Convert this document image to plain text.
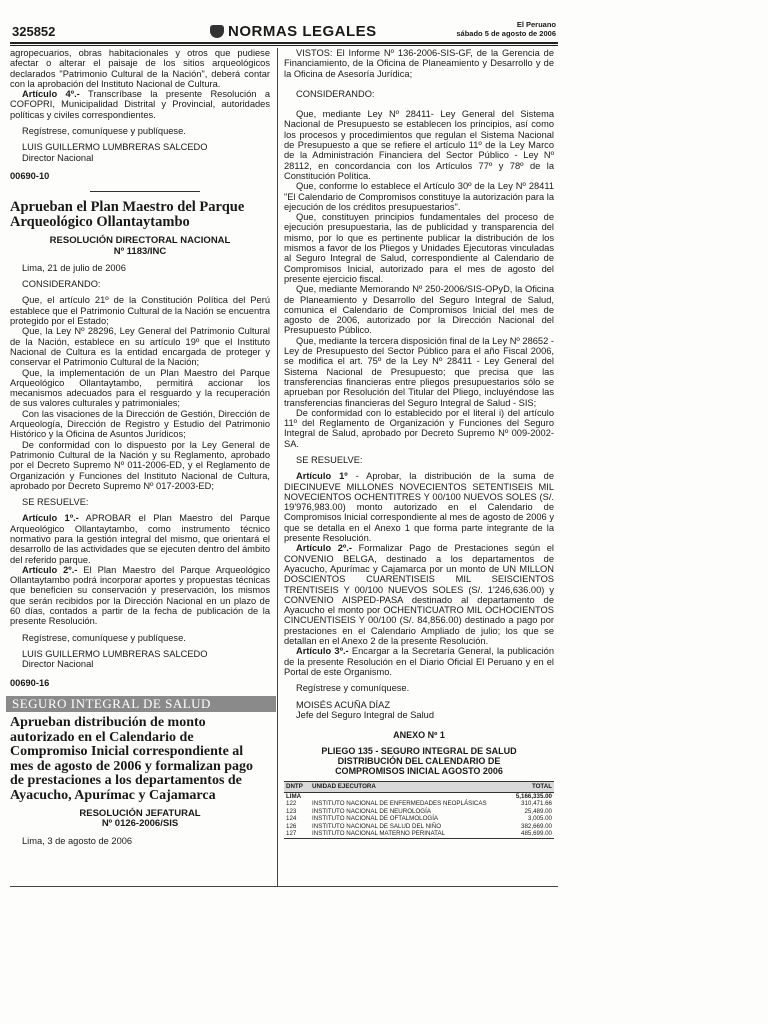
325852	NORMAS LEGALES	El Peruano
sábado 5 de agosto de 2006

agropecuarios, obras habitacionales y otros que pudiese afectar o alterar el paisaje de los sitios arqueológicos declarados "Patrimonio Cultural de la Nación", deberá contar con la aprobación del Instituto Nacional de Cultura.

Artículo 4º.- Transcríbase la presente Resolución a COFOPRI, Municipalidad Distrital y Provincial, autoridades políticas y civiles correspondientes.

Regístrese, comuníquese y publíquese.

LUIS GUILLERMO LUMBRERAS SALCEDO

Director Nacional

00690-10

Aprueban el Plan Maestro del Parque Arqueológico Ollantaytambo
RESOLUCIÓN DIRECTORAL NACIONAL
Nº 1183/INC

Lima, 21 de julio de 2006

CONSIDERANDO:

Que, el artículo 21º de la Constitución Política del Perú establece que el Patrimonio Cultural de la Nación se encuentra protegido por el Estado;

Que, la Ley Nº 28296, Ley General del Patrimonio Cultural de la Nación, establece en su artículo 19º que el Instituto Nacional de Cultura es la entidad encargada de proteger y conservar el Patrimonio Cultural de la Nación;

Que, la implementación de un Plan Maestro del Parque Arqueológico Ollantaytambo, permitirá accionar los mecanismos adecuados para el resguardo y la recuperación de sus valores culturales y patrimoniales;

Con las visaciones de la Dirección de Gestión, Dirección de Arqueología, Dirección de Registro y Estudio del Patrimonio Histórico y la Oficina de Asuntos Jurídicos;

De conformidad con lo dispuesto por la Ley General de Patrimonio Cultural de la Nación y su Reglamento, aprobado por el Decreto Supremo Nº 011-2006-ED, y el Reglamento de Organización y Funciones del Instituto Nacional de Cultura, aprobado por Decreto Supremo Nº 017-2003-ED;

SE RESUELVE:

Artículo 1º.- APROBAR el Plan Maestro del Parque Arqueológico Ollantaytambo, como instrumento técnico normativo para la gestión integral del mismo, que orientará el desarrollo de las actividades que se ejecuten dentro del ámbito del referido parque.

Artículo 2º.- El Plan Maestro del Parque Arqueológico Ollantaytambo podrá incorporar aportes y propuestas técnicas que beneficien su conservación y preservación, los mismos que serán recibidos por la Dirección Nacional en un plazo de 60 días, contados a partir de la fecha de publicación de la presente Resolución.

Regístrese, comuníquese y publíquese.

LUIS GUILLERMO LUMBRERAS SALCEDO

Director Nacional

00690-16

SEGURO INTEGRAL DE SALUD
Aprueban distribución de monto autorizado en el Calendario de Compromiso Inicial correspondiente al mes de agosto de 2006 y formalizan pago de prestaciones a los departamentos de Ayacucho, Apurímac y Cajamarca
RESOLUCIÓN JEFATURAL
Nº 0126-2006/SIS

Lima, 3 de agosto de 2006

VISTOS: El Informe Nº 136-2006-SIS-GF, de la Gerencia de Financiamiento, de la Oficina de Planeamiento y Desarrollo y de la Oficina de Asesoría Jurídica;

CONSIDERANDO:

Que, mediante Ley Nº 28411- Ley General del Sistema Nacional de Presupuesto se establecen los principios, así como los procesos y procedimientos que regulan el Sistema Nacional de Presupuesto a que se refiere el artículo 11º de la Ley Marco de la Administración Financiera del Sector Público - Ley Nº 28112, en concordancia con los Artículos 77º y 78º de la Constitución Política.

Que, conforme lo establece el Artículo 30º de la Ley Nº 28411 "El Calendario de Compromisos constituye la autorización para la ejecución de los créditos presupuestarios".

Que, constituyen principios fundamentales del proceso de ejecución presupuestaria, las de publicidad y transparencia del mismo, por lo que es pertinente publicar la distribución de los mismos a favor de los Pliegos y Unidades Ejecutoras vinculadas al Seguro Integral de Salud, correspondiente al Calendario de Compromisos Inicial, autorizado para el mes de agosto del presente ejercicio fiscal.

Que, mediante Memorando Nº 250-2006/SIS-OPyD, la Oficina de Planeamiento y Desarrollo del Seguro Integral de Salud, comunica el Calendario de Compromisos Inicial del mes de agosto de 2006, autorizado por la Dirección Nacional del Presupuesto Público.

Que, mediante la tercera disposición final de la Ley Nº 28652 - Ley de Presupuesto del Sector Público para el año Fiscal 2006, se modifica el art. 75º de la Ley Nº 28411 - Ley General del Sistema Nacional de Presupuesto; que precisa que las transferencias financieras entre pliegos presupuestarios sólo se aprueban por Resolución del Titular del Pliego, incluyéndose las transferencias financieras del Seguro Integral de Salud - SIS;

De conformidad con lo establecido por el literal i) del artículo 11º del Reglamento de Organización y Funciones del Seguro Integral de Salud, aprobado por Decreto Supremo Nº 009-2002-SA.

SE RESUELVE:

Artículo 1º - Aprobar, la distribución de la suma de DIECINUEVE MILLONES NOVECIENTOS SETENTISEIS MIL NOVECIENTOS OCHENTITRES Y 00/100 NUEVOS SOLES (S/. 19'976,983.00) monto autorizado en el Calendario de Compromisos Inicial correspondiente al mes de agosto de 2006 y que se detalla en el Anexo 1 que forma parte integrante de la presente Resolución.

Artículo 2º.- Formalizar Pago de Prestaciones según el CONVENIO BELGA, destinado a los departamentos de Ayacucho, Apurímac y Cajamarca por un monto de UN MILLON DOSCIENTOS CUARENTISEIS MIL SEISCIENTOS TRENTISEIS Y 00/100 NUEVOS SOLES (S/. 1'246,636.00) y CONVENIO AISPED-PASA destinado al departamento de Ayacucho el monto por OCHENTICUATRO MIL OCHOCIENTOS CINCUENTISEIS Y 00/100 (S/. 84,856.00) destinado a pago por prestaciones en el Calendario Ampliado de julio; los que se detallan en el Anexo 2 de la presente Resolución.

Artículo 3º.- Encargar a la Secretaría General, la publicación de la presente Resolución en el Diario Oficial El Peruano y en el Portal de este Organismo.

Regístrese y comuníquese.

MOISÉS ACUÑA DÍAZ

Jefe del Seguro Integral de Salud

ANEXO Nº 1
PLIEGO 135 - SEGURO INTEGRAL DE SALUD
DISTRIBUCIÓN DEL CALENDARIO DE
COMPROMISOS INICIAL AGOSTO 2006
DNTP	UNIDAD EJECUTORA	TOTAL
LIMA		5,166,335.00
122	INSTITUTO NACIONAL DE ENFERMEDADES NEOPLÁSICAS	310,471.66
123	INSTITUTO NACIONAL DE NEUROLOGÍA	25,489.00
124	INSTITUTO NACIONAL DE OFTALMOLOGÍA	3,005.00
126	INSTITUTO NACIONAL DE SALUD DEL NIÑO	382,669.00
127	INSTITUTO NACIONAL MATERNO PERINATAL	485,699.00
